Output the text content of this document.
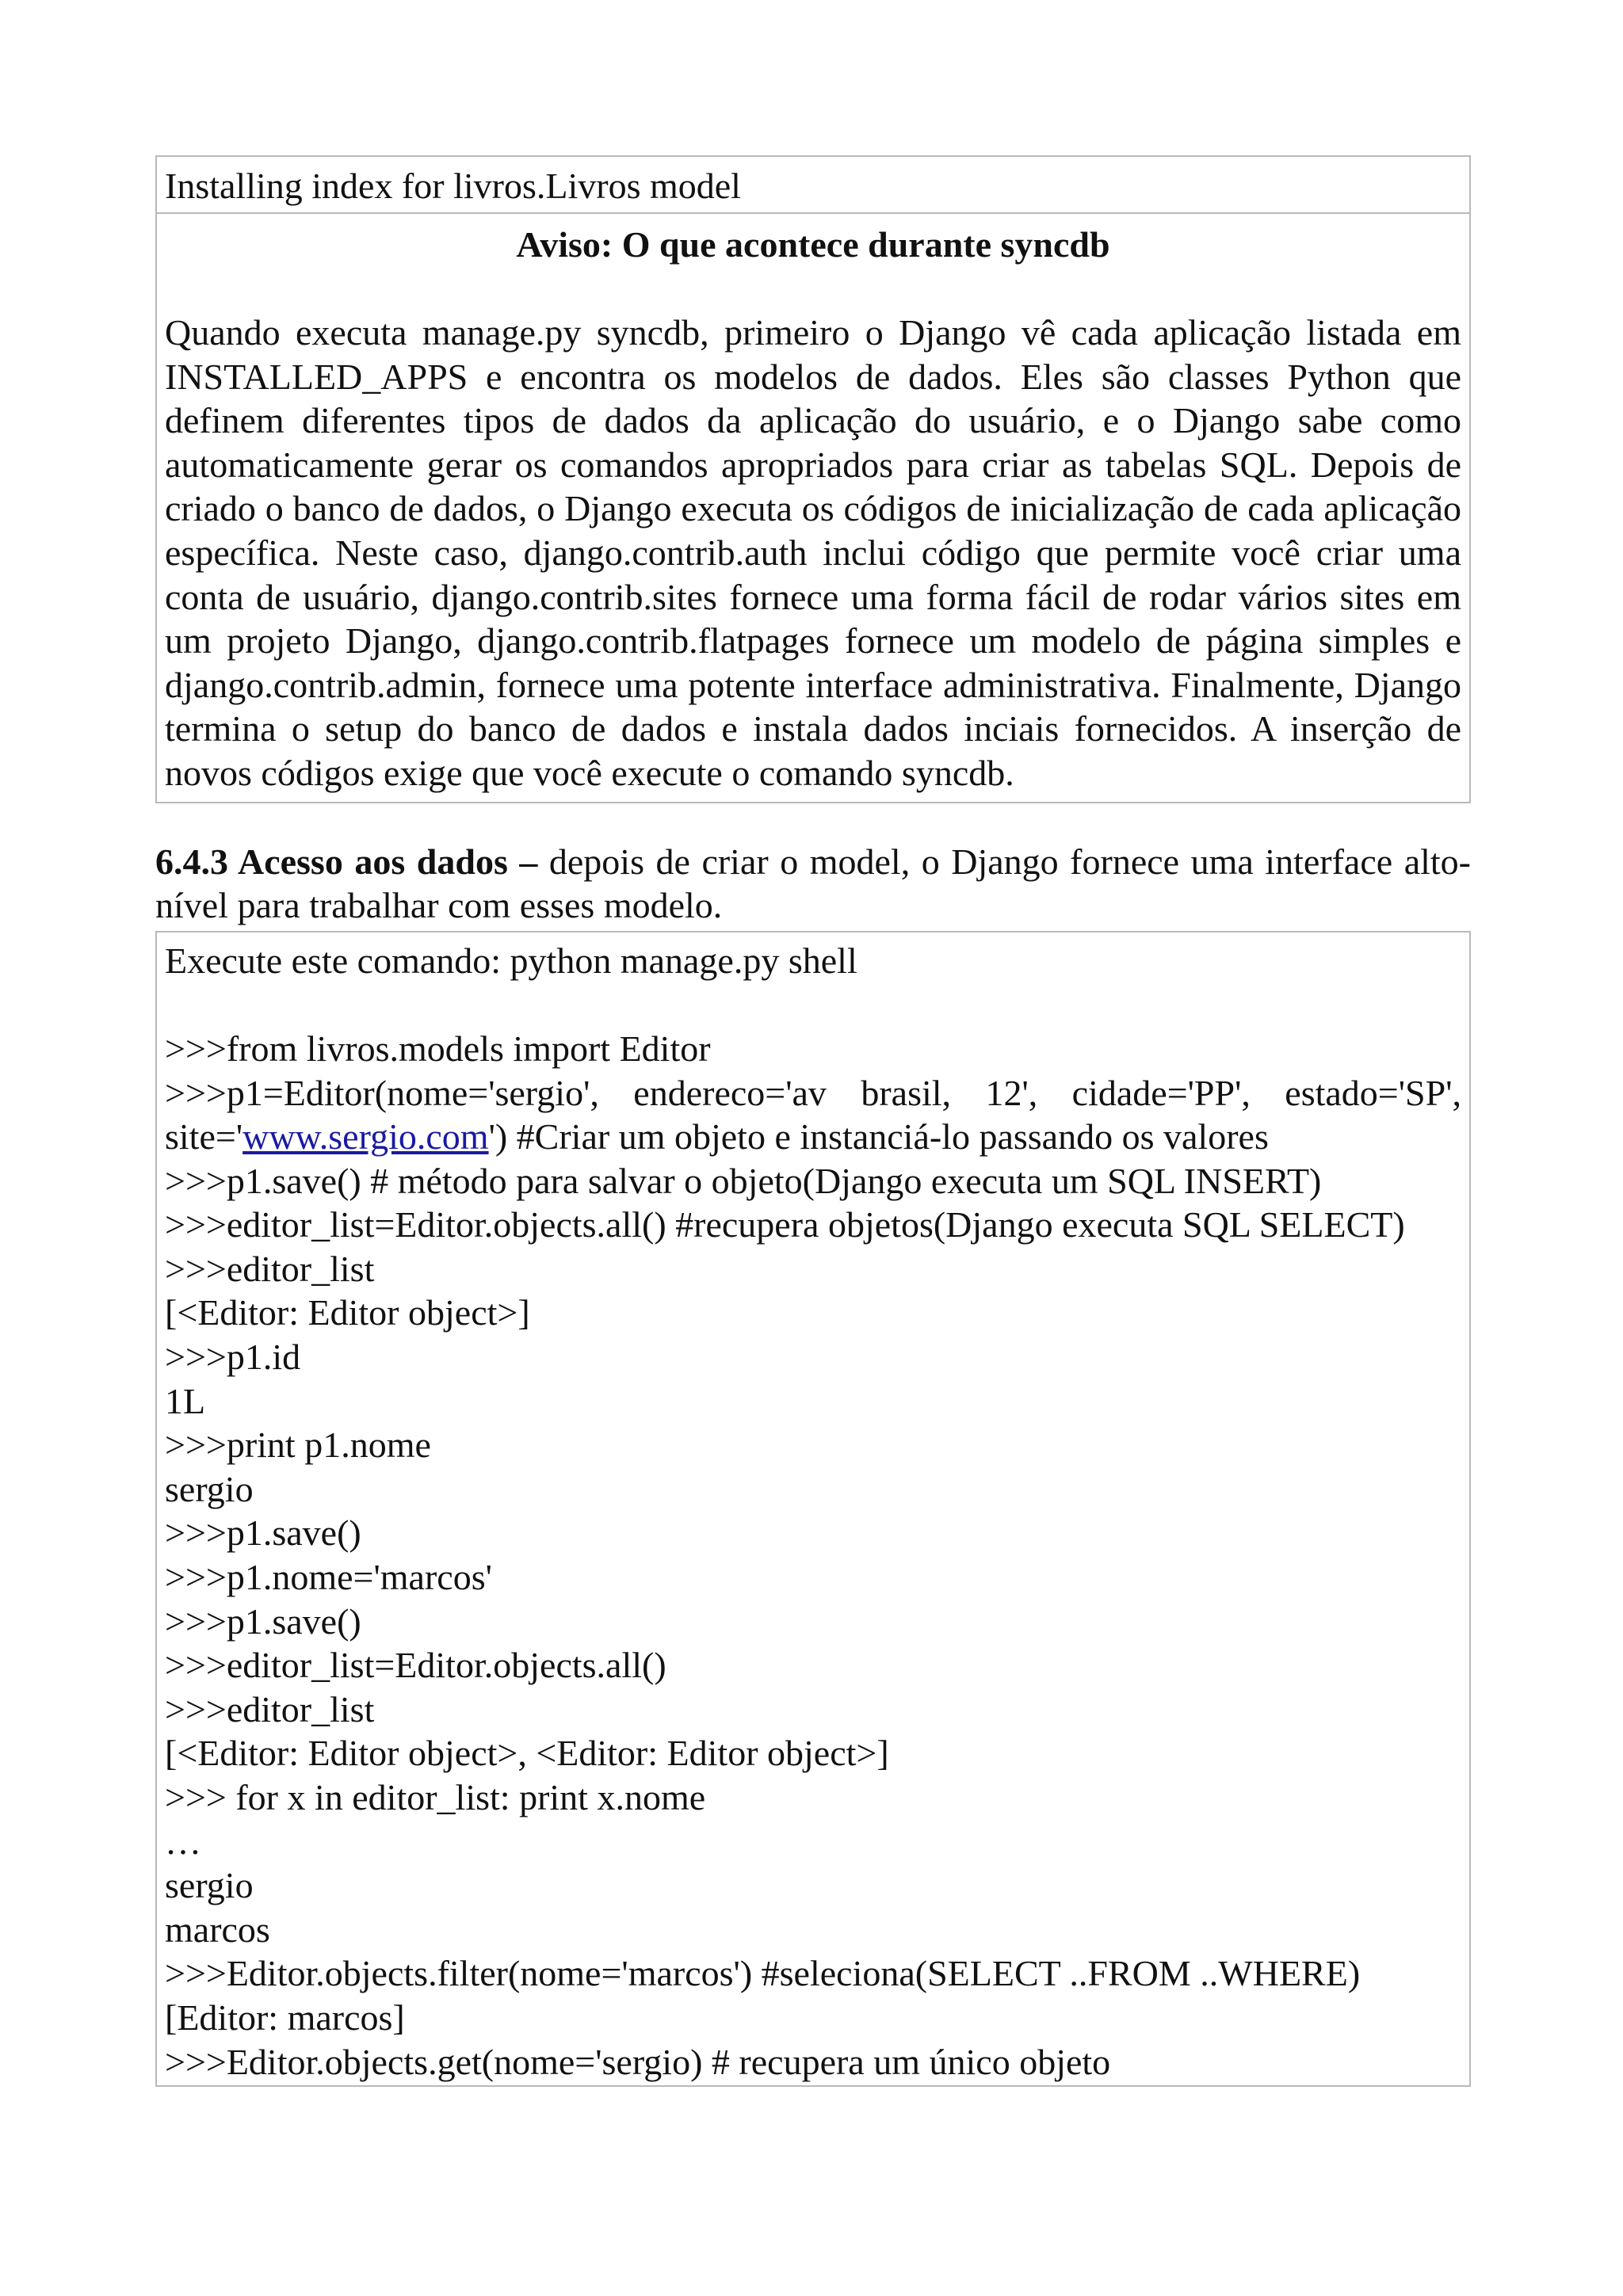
Installing index for livros.Livros model
Aviso: O que acontece durante syncdb
Quando executa manage.py syncdb, primeiro o Django vê cada aplicação listada em INSTALLED_APPS e encontra os modelos de dados. Eles são classes Python que definem diferentes tipos de dados da aplicação do usuário, e o Django sabe como automaticamente gerar os comandos apropriados para criar as tabelas SQL. Depois de criado o banco de dados, o Django executa os códigos de inicialização de cada aplicação específica. Neste caso, django.contrib.auth inclui código que permite você criar uma conta de usuário, django.contrib.sites fornece uma forma fácil de rodar vários sites em um projeto Django, django.contrib.flatpages fornece um modelo de página simples e django.contrib.admin, fornece uma potente interface administrativa. Finalmente, Django termina o setup do banco de dados e instala dados inciais fornecidos. A inserção de novos códigos exige que você execute o comando syncdb.
6.4.3 Acesso aos dados – depois de criar o model, o Django fornece uma interface alto-nível para trabalhar com esses modelo.
Execute este comando: python manage.py shell
>>>from livros.models import Editor
>>>p1=Editor(nome='sergio', endereco='av brasil, 12', cidade='PP', estado='SP', site='www.sergio.com') #Criar um objeto e instanciá-lo passando os valores
>>>p1.save() # método para salvar o objeto(Django executa um SQL INSERT)
>>>editor_list=Editor.objects.all() #recupera objetos(Django executa SQL SELECT)
>>>editor_list
[<Editor: Editor object>]
>>>p1.id
1L
>>>print p1.nome
sergio
>>>p1.save()
>>>p1.nome='marcos'
>>>p1.save()
>>>editor_list=Editor.objects.all()
>>>editor_list
[<Editor: Editor object>, <Editor: Editor object>]
>>> for x in editor_list: print x.nome
…
sergio
marcos
>>>Editor.objects.filter(nome='marcos') #seleciona(SELECT ..FROM ..WHERE)
[Editor: marcos]
>>>Editor.objects.get(nome='sergio) # recupera um único objeto
